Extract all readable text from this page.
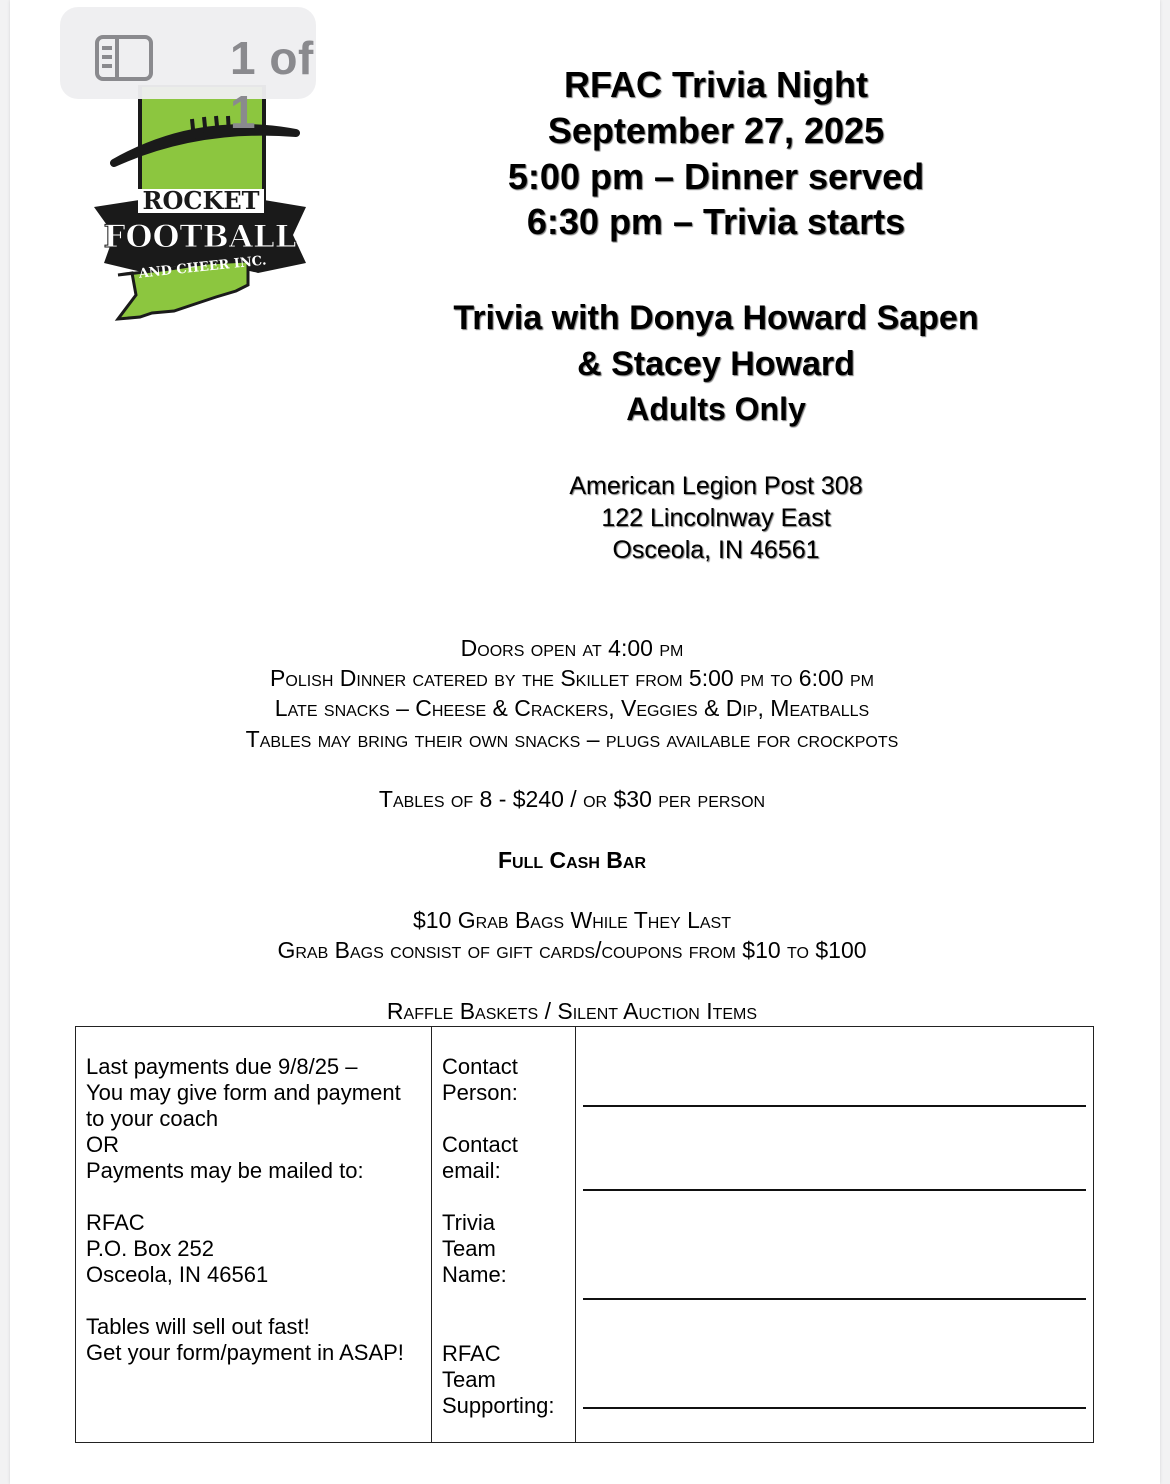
1 of 1
ROCKET
FOOTBALL
AND CHEER INC.
RFAC Trivia Night
September 27, 2025
5:00 pm – Dinner served
6:30 pm – Trivia starts
Trivia with Donya Howard Sapen
& Stacey Howard
Adults Only
American Legion Post 308
122 Lincolnway East
Osceola, IN 46561
Doors open at 4:00 pm
Polish Dinner catered by the Skillet from 5:00 pm to 6:00 pm
Late snacks – Cheese & Crackers, Veggies & Dip, Meatballs
Tables may bring their own snacks – plugs available for crockpots
Tables of 8 - $240 / or $30 per person
Full Cash Bar
$10 Grab Bags While They Last
Grab Bags consist of gift cards/coupons from $10 to $100
Raffle Baskets / Silent Auction Items
Last payments due 9/8/25 –
You may give form and payment
to your coach
OR
Payments may be mailed to:
RFAC
P.O. Box 252
Osceola, IN 46561
Tables will sell out fast!
Get your form/payment in ASAP!
Contact
Person:
Contact
email:
Trivia
Team
Name:
RFAC
Team
Supporting:
